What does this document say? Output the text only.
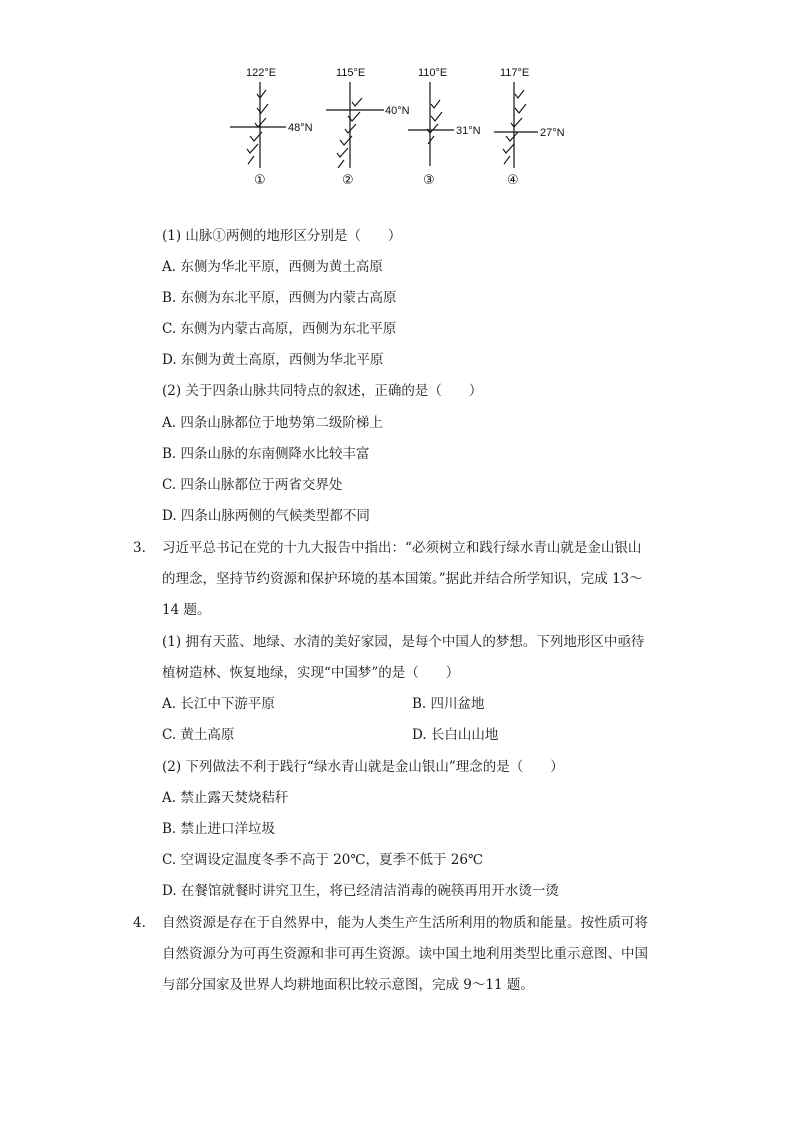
122°E
48°N
①
115°E
40°N
②
110°E
31°N
③
117°E
27°N
④
(1) 山脉①两侧的地形区分别是（　　）
A. 东侧为华北平原，西侧为黄土高原
B. 东侧为东北平原，西侧为内蒙古高原
C. 东侧为内蒙古高原，西侧为东北平原
D. 东侧为黄土高原，西侧为华北平原
(2) 关于四条山脉共同特点的叙述，正确的是（　　）
A. 四条山脉都位于地势第二级阶梯上
B. 四条山脉的东南侧降水比较丰富
C. 四条山脉都位于两省交界处
D. 四条山脉两侧的气候类型都不同
3. 习近平总书记在党的十九大报告中指出：“必须树立和践行绿水青山就是金山银山
的理念，坚持节约资源和保护环境的基本国策。”据此并结合所学知识，完成 13～
14 题。
(1) 拥有天蓝、地绿、水清的美好家园，是每个中国人的梦想。下列地形区中亟待
植树造林、恢复地绿，实现“中国梦”的是（　　）
A. 长江中下游平原	B. 四川盆地
C. 黄土高原	D. 长白山山地
(2) 下列做法不利于践行“绿水青山就是金山银山”理念的是（　　）
A. 禁止露天焚烧秸秆
B. 禁止进口洋垃圾
C. 空调设定温度冬季不高于 20℃，夏季不低于 26℃
D. 在餐馆就餐时讲究卫生，将已经清洁消毒的碗筷再用开水烫一烫
4. 自然资源是存在于自然界中，能为人类生产生活所利用的物质和能量。按性质可将
自然资源分为可再生资源和非可再生资源。读中国土地利用类型比重示意图、中国
与部分国家及世界人均耕地面积比较示意图，完成 9～11 题。
